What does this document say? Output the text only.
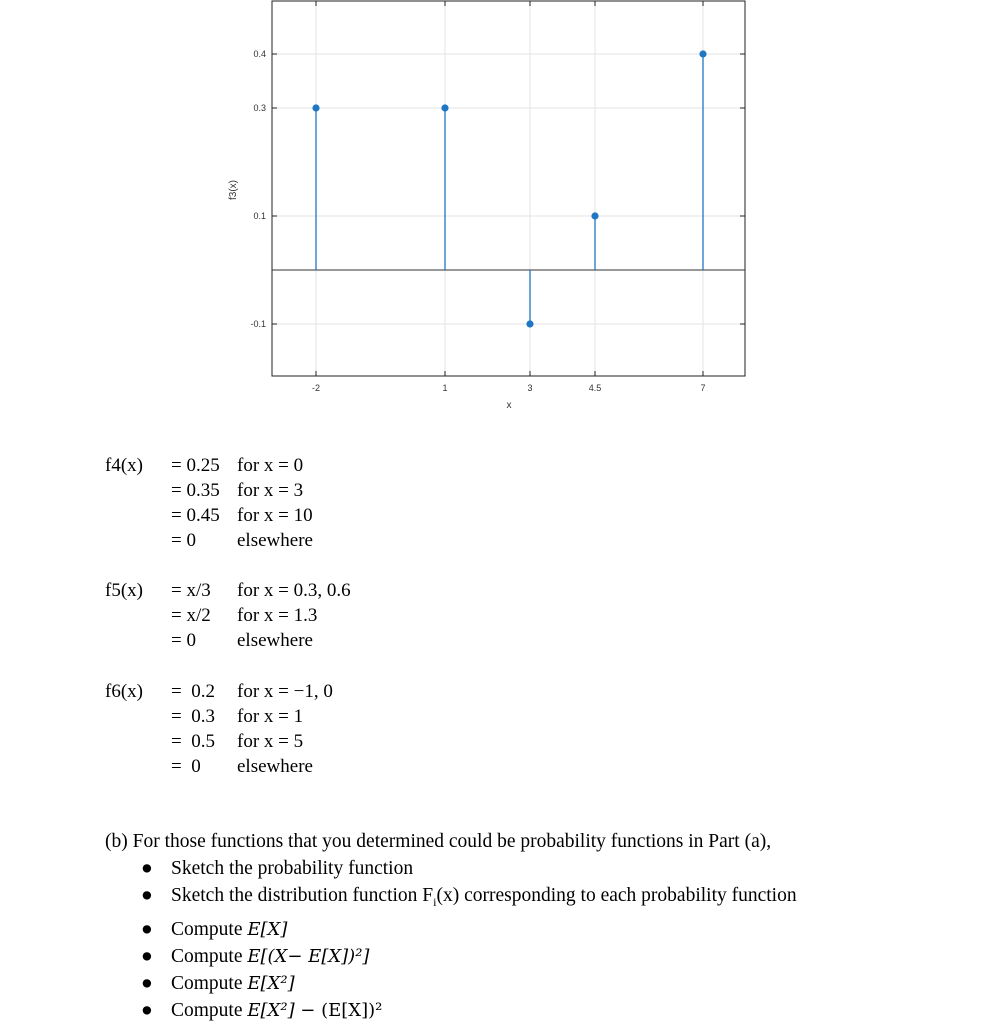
0.4
0.3
0.1
-0.1
-2	1	3	4.5	7
f3(x)
x
f4(x) = 0.25 for x = 0
= 0.35 for x = 3
= 0.45 for x = 10
= 0 elsewhere
f5(x) = x/3 for x = 0.3, 0.6
= x/2 for x = 1.3
= 0 elsewhere
f6(x) =  0.2 for x = −1, 0
=  0.3 for x = 1
=  0.5 for x = 5
=  0 elsewhere
(b) For those functions that you determined could be probability functions in Part (a),
● Sketch the probability function
● Sketch the distribution function $F_i(x)$ corresponding to each probability function
● Compute E[X]
● Compute E[(X− E[X])²]
● Compute E[X²]
● Compute E[X²] − (E[X])²
